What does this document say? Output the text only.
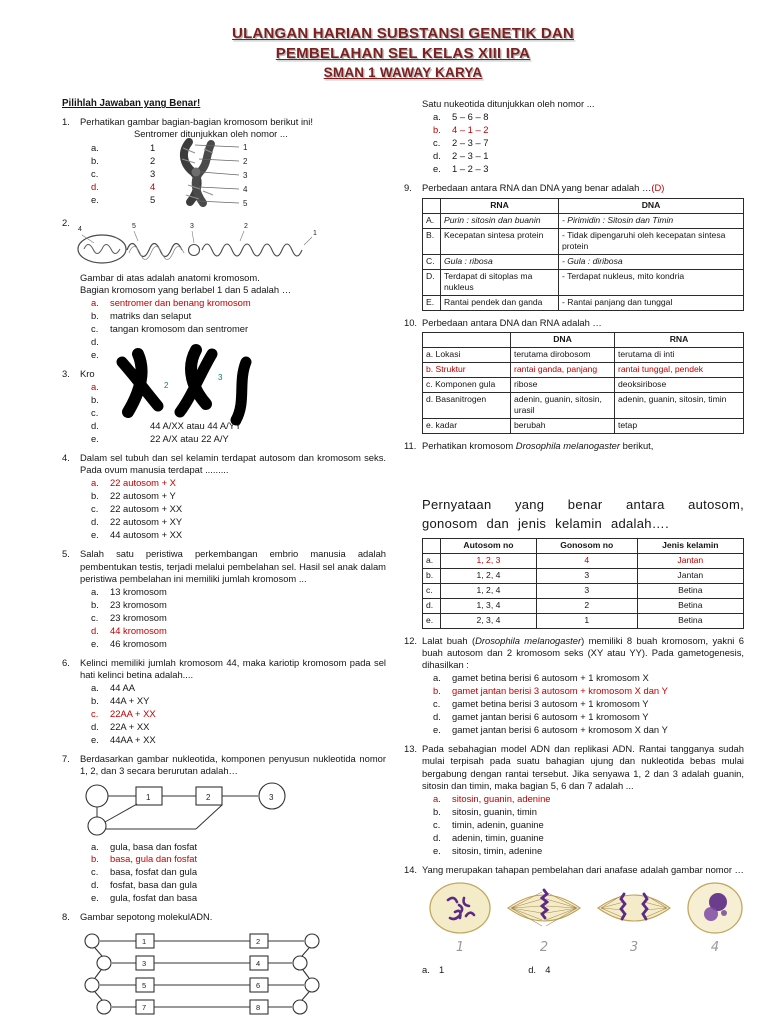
ULANGAN HARIAN SUBSTANSI GENETIK DAN
PEMBELAHAN SEL KELAS XIII IPA
SMAN 1 WAWAY KARYA
Pilihlah Jawaban yang Benar!
1.	Perhatikan gambar bagian-bagian kromosom berikut ini!
Sentromer ditunjukkan oleh nomor ...
a.	1
b.	2
c.	3
d.	4
e.	5
1
2
3
4
5
2.
4	5	3	2
1
Gambar di atas adalah anatomi kromosom.
Bagian kromosom yang berlabel 1 dan 5 adalah …
a.	sentromer dan benang kromosom
b.	matriks dan selaput
c.	tangan kromosom dan sentromer
d.
e.
3.	Kro
a.
b.
c.
d.	44 A/XX atau 44 A/YY
e.	22 A/X atau 22 A/Y
2
3
4.	Dalam sel tubuh dan sel kelamin terdapat autosom dan kromosom seks. Pada ovum manusia terdapat .........
a.	22 autosom + X
b.	22 autosom + Y
c.	22 autosom + XX
d.	22 autosom + XY
e.	44 autosom + XX
5.	Salah satu peristiwa perkembangan embrio manusia adalah pembentukan testis, terjadi melalui pembelahan sel. Hasil sel anak dalam peristiwa pembelahan ini memiliki jumlah kromosom ...
a.	13 kromosom
b.	23 kromosom
c.	23 kromosom
d.	44 kromosom
e.	46 kromosom
6.	Kelinci memiliki jumlah kromosom 44, maka kariotip kromosom pada sel hati kelinci betina adalah....
a.	44 AA
b.	44A + XY
c.	22AA + XX
d.	22A + XX
e.	44AA + XX
7.	Berdasarkan gambar nukleotida, komponen penyusun nukleotida nomor 1, 2, dan 3 secara berurutan adalah…
1	2	3
a.	gula, basa dan fosfat
b.	basa, gula dan fosfat
c.	basa, fosfat dan gula
d.	fosfat, basa dan gula
e.	gula, fosfat dan basa
8.	Gambar sepotong molekulADN.
1	2
3	4
5	6
7	8
Satu nukeotida ditunjukkan oleh nomor ...
a.	5 – 6 – 8
b.	4 – 1 – 2
c.	2 – 3 – 7
d.	2 – 3 – 1
e.	1 – 2 – 3
9.	Perbedaan antara RNA dan DNA yang benar adalah …(D)
	RNA	DNA
A.	Purin : sitosin dan buanin	- Pirimidin : Sitosin dan Timin
B.	Kecepatan sintesa protein	- Tidak dipengaruhi oleh kecepatan sintesa protein
C.	Gula : ribosa	- Gula : diribosa
D.	Terdapat di sitoplas ma nukleus	- Terdapat nukleus, mito kondria
E.	Rantai pendek dan ganda	- Rantai panjang dan tunggal
10. Perbedaan antara DNA dan RNA adalah …
	DNA	RNA
a. Lokasi	terutama dirobosom	terutama di inti
b. Struktur	rantai ganda, panjang	rantai tunggal, pendek
c. Komponen gula	ribose	deoksiribose
d. Basanitrogen	adenin, guanin, sitosin, urasil	adenin, guanin, sitosin, timin
e. kadar	berubah	tetap
11. Perhatikan kromosom Drosophila melanogaster berikut,
Pernyataan yang benar antara autosom, gonosom dan jenis kelamin adalah….
	Autosom no	Gonosom no	Jenis kelamin
a.	1, 2, 3	4	Jantan
b.	1, 2, 4	3	Jantan
c.	1, 2, 4	3	Betina
d.	1, 3, 4	2	Betina
e.	2, 3, 4	1	Betina
12. Lalat buah (Drosophila melanogaster) memiliki 8 buah kromosom, yakni 6 buah autosom dan 2 kromosom seks (XY atau YY). Pada gametogenesis, dihasilkan :
a.	gamet betina berisi 6 autosom + 1 kromosom X
b.	gamet jantan berisi 3 autosom + kromosom X dan Y
c.	gamet betina berisi 3 autosom + 1 kromosom Y
d.	gamet jantan berisi 6 autosom + 1 kromosom Y
e.	gamet jantan berisi 6 autosom + kromosom X dan Y
13. Pada sebahagian model ADN dan replikasi ADN. Rantai tangganya sudah mulai terpisah pada suatu bahagian ujung dan nukleotida bebas mulai bergabung dengan rantai tersebut. Jika senyawa 1, 2 dan 3 adalah guanin, sitosin dan timin, maka bagian 5, 6 dan 7 adalah ...
a.	sitosin, guanin, adenine
b.	sitosin, guanin, timin
c.	timin, adenin, guanine
d.	adenin, timin, guanine
e.	sitosin, timin, adenine
14. Yang merupakan tahapan pembelahan dari anafase adalah gambar nomor …
1	2	3	4
a. 1	d. 4
